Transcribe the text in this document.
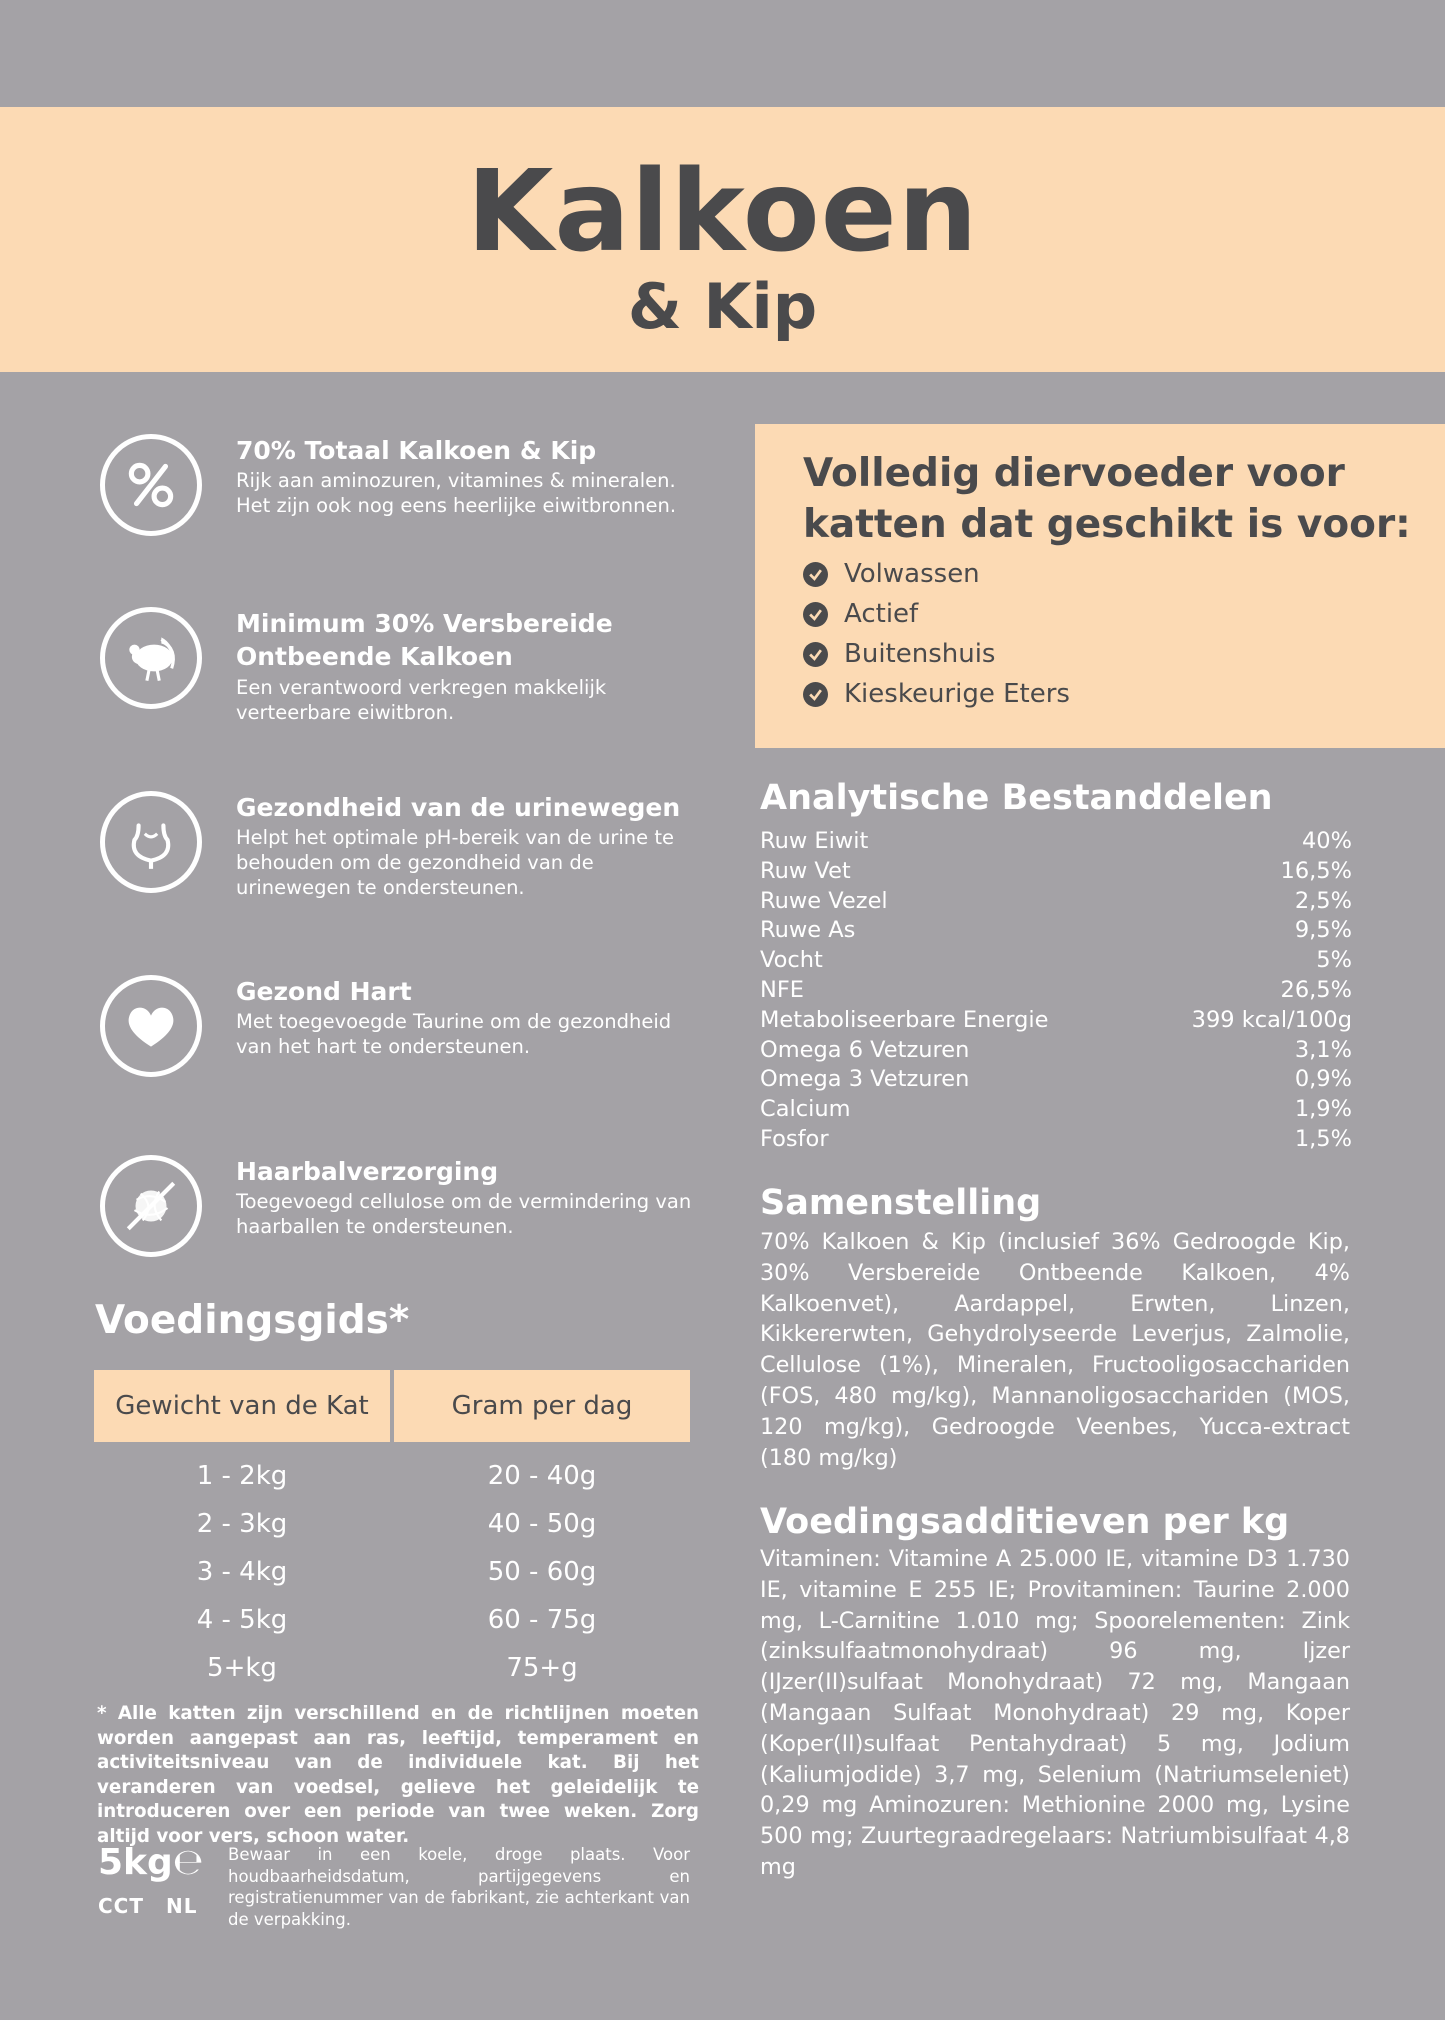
Kalkoen
& Kip
70% Totaal Kalkoen & Kip
Rijk aan aminozuren, vitamines & mineralen. Het zijn ook nog eens heerlijke eiwitbronnen.
Minimum 30% Versbereide Ontbeende Kalkoen
Een verantwoord verkregen makkelijk verteerbare eiwitbron.
Gezondheid van de urinewegen
Helpt het optimale pH-bereik van de urine te behouden om de gezondheid van de urinewegen te ondersteunen.
Gezond Hart
Met toegevoegde Taurine om de gezondheid van het hart te ondersteunen.
Haarbalverzorging
Toegevoegd cellulose om de vermindering van haarballen te ondersteunen.
Volledig diervoeder voor katten dat geschikt is voor:
Volwassen
Actief
Buitenshuis
Kieskeurige Eters
Analytische Bestanddelen
Ruw Eiwit	40%
Ruw Vet	16,5%
Ruwe Vezel	2,5%
Ruwe As	9,5%
Vocht	5%
NFE	26,5%
Metaboliseerbare Energie	399 kcal/100g
Omega 6 Vetzuren	3,1%
Omega 3 Vetzuren	0,9%
Calcium	1,9%
Fosfor	1,5%
Samenstelling
70% Kalkoen & Kip (inclusief 36% Gedroogde Kip, 30% Versbereide Ontbeende Kalkoen, 4% Kalkoenvet), Aardappel, Erwten, Linzen, Kikkererwten, Gehydrolyseerde Leverjus, Zalmolie, Cellulose (1%), Mineralen, Fructooligosacchariden (FOS, 480 mg/kg), Mannanoligosacchariden (MOS, 120 mg/kg), Gedroogde Veenbes, Yucca-extract (180 mg/kg)
Voedingsadditieven per kg
Vitaminen: Vitamine A 25.000 IE, vitamine D3 1.730 IE, vitamine E 255 IE; Provitaminen: Taurine 2.000 mg, L-Carnitine 1.010 mg; Spoorelementen: Zink (zinksulfaatmonohydraat) 96 mg, Ijzer (IJzer(II)sulfaat Monohydraat) 72 mg, Mangaan (Mangaan Sulfaat Monohydraat) 29 mg, Koper (Koper(II)sulfaat Pentahydraat) 5 mg, Jodium (Kaliumjodide) 3,7 mg, Selenium (Natriumseleniet) 0,29 mg Aminozuren: Methionine 2000 mg, Lysine 500 mg; Zuurtegraadregelaars: Natriumbisulfaat 4,8 mg
Voedingsgids*
Gewicht van de Kat	Gram per dag
1 - 2kg	20 - 40g
2 - 3kg	40 - 50g
3 - 4kg	50 - 60g
4 - 5kg	60 - 75g
5+kg	75+g
* Alle katten zijn verschillend en de richtlijnen moeten worden aangepast aan ras, leeftijd, temperament en activiteitsniveau van de individuele kat. Bij het veranderen van voedsel, gelieve het geleidelijk te introduceren over een periode van twee weken. Zorg altijd voor vers, schoon water.
5kg℮
CCT NL
Bewaar in een koele, droge plaats. Voor houdbaarheidsdatum, partijgegevens en registratienummer van de fabrikant, zie achterkant van de verpakking.
